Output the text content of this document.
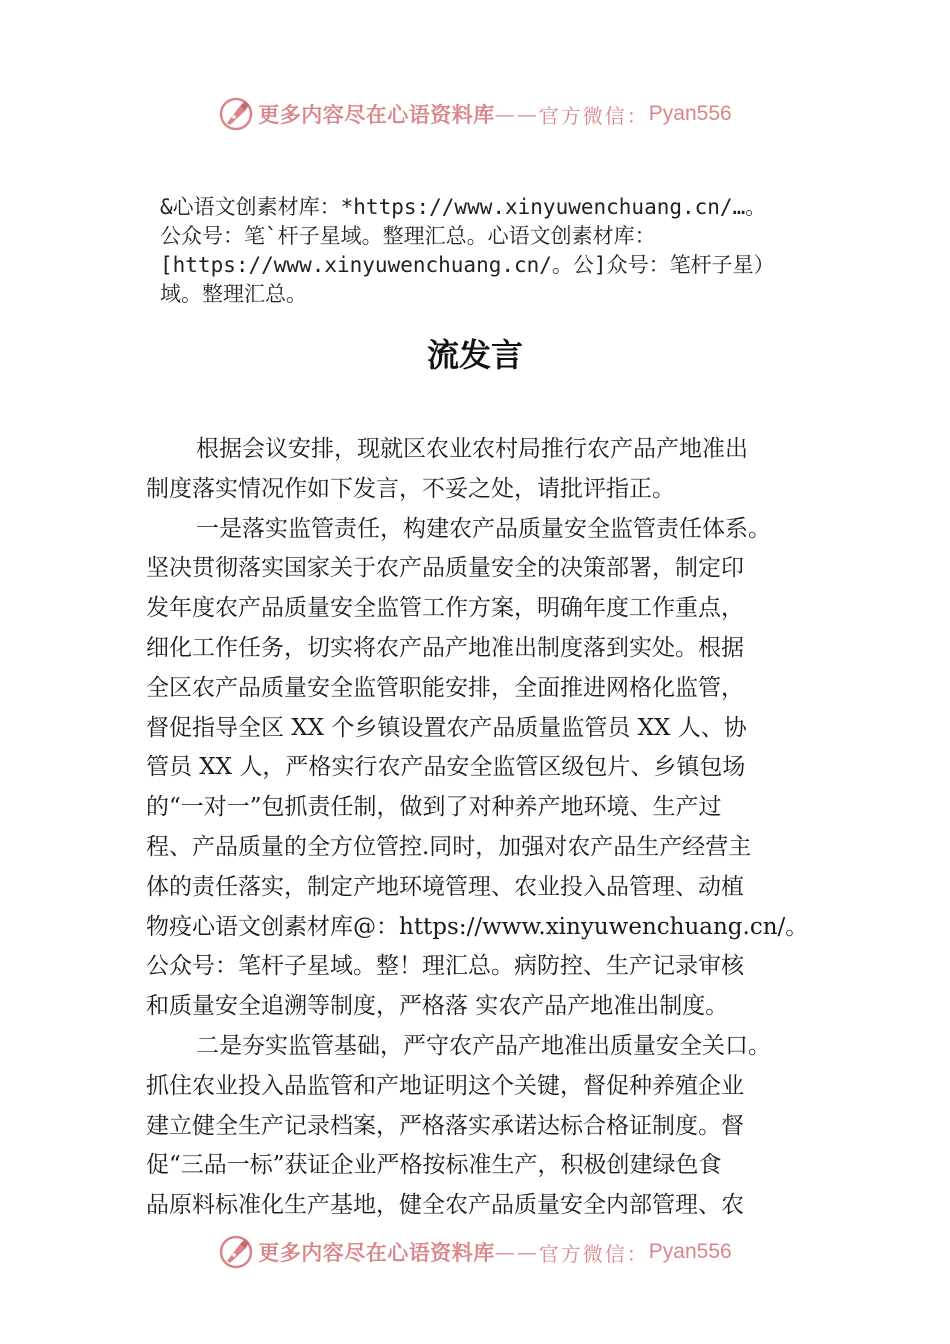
更多内容尽在心语资料库 —— 官方微信： Pyan556

&心语文创素材库：*https://www.xinyuwenchuang.cn/…。

公众号：笔`杆子星域。整理汇总。心语文创素材库：

[https://www.xinyuwenchuang.cn/。公]众号：笔杆子星）

域。整理汇总。

流发言
根据会议安排，现就区农业农村局推行农产品产地准出
制度落实情况作如下发言，不妥之处，请批评指正。
一是落实监管责任，构建农产品质量安全监管责任体系。
坚决贯彻落实国家关于农产品质量安全的决策部署，制定印
发年度农产品质量安全监管工作方案，明确年度工作重点，
细化工作任务，切实将农产品产地准出制度落到实处。根据
全区农产品质量安全监管职能安排，全面推进网格化监管，
督促指导全区 XX 个乡镇设置农产品质量监管员 XX 人、协
管员 XX 人，严格实行农产品安全监管区级包片、乡镇包场
的“一对一”包抓责任制，做到了对种养产地环境、生产过
程、产品质量的全方位管控.同时，加强对农产品生产经营主
体的责任落实，制定产地环境管理、农业投入品管理、动植
物疫心语文创素材库@：https://www.xinyuwenchuang.cn/。
公众号：笔杆子星域。整！理汇总。病防控、生产记录审核
和质量安全追溯等制度，严格落 实农产品产地准出制度。
二是夯实监管基础，严守农产品产地准出质量安全关口。
抓住农业投入品监管和产地证明这个关键，督促种养殖企业
建立健全生产记录档案，严格落实承诺达标合格证制度。督
促“三品一标”获证企业严格按标准生产，积极创建绿色食
品原料标准化生产基地，健全农产品质量安全内部管理、农
更多内容尽在心语资料库 —— 官方微信： Pyan556
